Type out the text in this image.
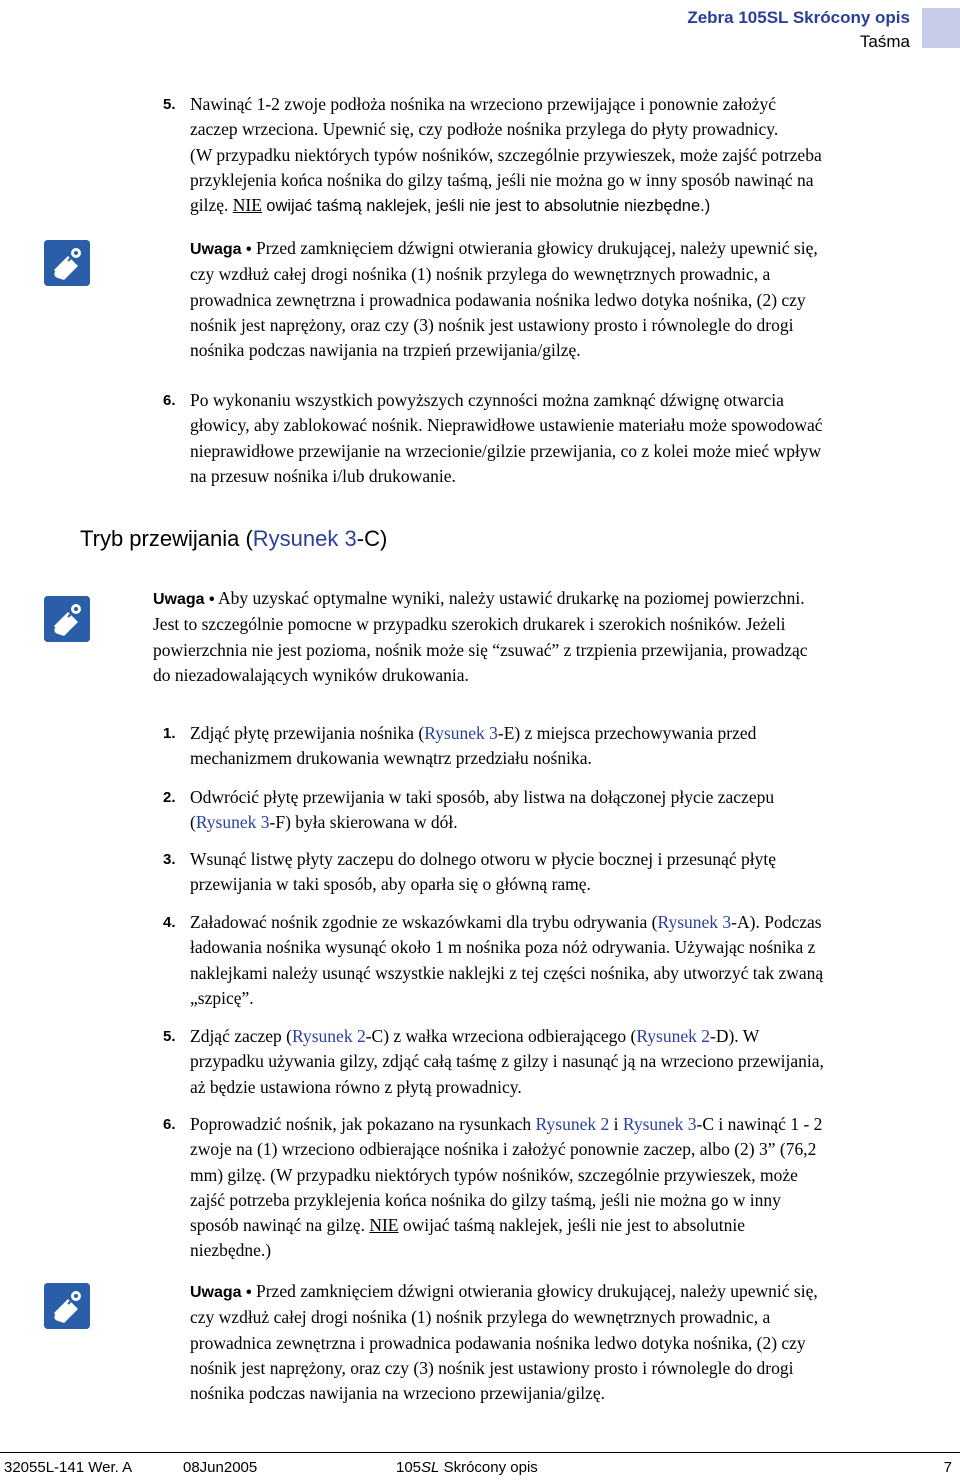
Zebra 105SL Skrócony opis
Taśma
5. Nawinąć 1-2 zwoje podłoża nośnika na wrzeciono przewijające i ponownie założyć
zaczep wrzeciona. Upewnić się, czy podłoże nośnika przylega do płyty prowadnicy.
(W przypadku niektórych typów nośników, szczególnie przywieszek, może zajść potrzeba
przyklejenia końca nośnika do gilzy taśmą, jeśli nie można go w inny sposób nawinąć na
gilzę. NIE owijać taśmą naklejek, jeśli nie jest to absolutnie niezbędne.)
Uwaga • Przed zamknięciem dźwigni otwierania głowicy drukującej, należy upewnić się,
czy wzdłuż całej drogi nośnika (1) nośnik przylega do wewnętrznych prowadnic, a
prowadnica zewnętrzna i prowadnica podawania nośnika ledwo dotyka nośnika, (2) czy
nośnik jest naprężony, oraz czy (3) nośnik jest ustawiony prosto i równolegle do drogi
nośnika podczas nawijania na trzpień przewijania/gilzę.
6. Po wykonaniu wszystkich powyższych czynności można zamknąć dźwignę otwarcia
głowicy, aby zablokować nośnik. Nieprawidłowe ustawienie materiału może spowodować
nieprawidłowe przewijanie na wrzecionie/gilzie przewijania, co z kolei może mieć wpływ
na przesuw nośnika i/lub drukowanie.
Tryb przewijania (Rysunek 3-C)
Uwaga • Aby uzyskać optymalne wyniki, należy ustawić drukarkę na poziomej powierzchni.
Jest to szczególnie pomocne w przypadku szerokich drukarek i szerokich nośników. Jeżeli
powierzchnia nie jest pozioma, nośnik może się “zsuwać” z trzpienia przewijania, prowadząc
do niezadowalających wyników drukowania.
1. Zdjąć płytę przewijania nośnika (Rysunek 3-E) z miejsca przechowywania przed
mechanizmem drukowania wewnątrz przedziału nośnika.
2. Odwrócić płytę przewijania w taki sposób, aby listwa na dołączonej płycie zaczepu
(Rysunek 3-F) była skierowana w dół.
3. Wsunąć listwę płyty zaczepu do dolnego otworu w płycie bocznej i przesunąć płytę
przewijania w taki sposób, aby oparła się o główną ramę.
4. Załadować nośnik zgodnie ze wskazówkami dla trybu odrywania (Rysunek 3-A). Podczas
ładowania nośnika wysunąć około 1 m nośnika poza nóż odrywania. Używając nośnika z
naklejkami należy usunąć wszystkie naklejki z tej części nośnika, aby utworzyć tak zwaną
„szpicę”.
5. Zdjąć zaczep (Rysunek 2-C) z wałka wrzeciona odbierającego (Rysunek 2-D). W
przypadku używania gilzy, zdjąć całą taśmę z gilzy i nasunąć ją na wrzeciono przewijania,
aż będzie ustawiona równo z płytą prowadnicy.
6. Poprowadzić nośnik, jak pokazano na rysunkach Rysunek 2 i Rysunek 3-C i nawinąć 1 - 2
zwoje na (1) wrzeciono odbierające nośnika i założyć ponownie zaczep, albo (2) 3” (76,2
mm) gilzę. (W przypadku niektórych typów nośników, szczególnie przywieszek, może
zajść potrzeba przyklejenia końca nośnika do gilzy taśmą, jeśli nie można go w inny
sposób nawinąć na gilzę. NIE owijać taśmą naklejek, jeśli nie jest to absolutnie
niezbędne.)
Uwaga • Przed zamknięciem dźwigni otwierania głowicy drukującej, należy upewnić się,
czy wzdłuż całej drogi nośnika (1) nośnik przylega do wewnętrznych prowadnic, a
prowadnica zewnętrzna i prowadnica podawania nośnika ledwo dotyka nośnika, (2) czy
nośnik jest naprężony, oraz czy (3) nośnik jest ustawiony prosto i równolegle do drogi
nośnika podczas nawijania na wrzeciono przewijania/gilzę.
32055L-141 Wer. A	08Jun2005	105SL Skrócony opis	7
